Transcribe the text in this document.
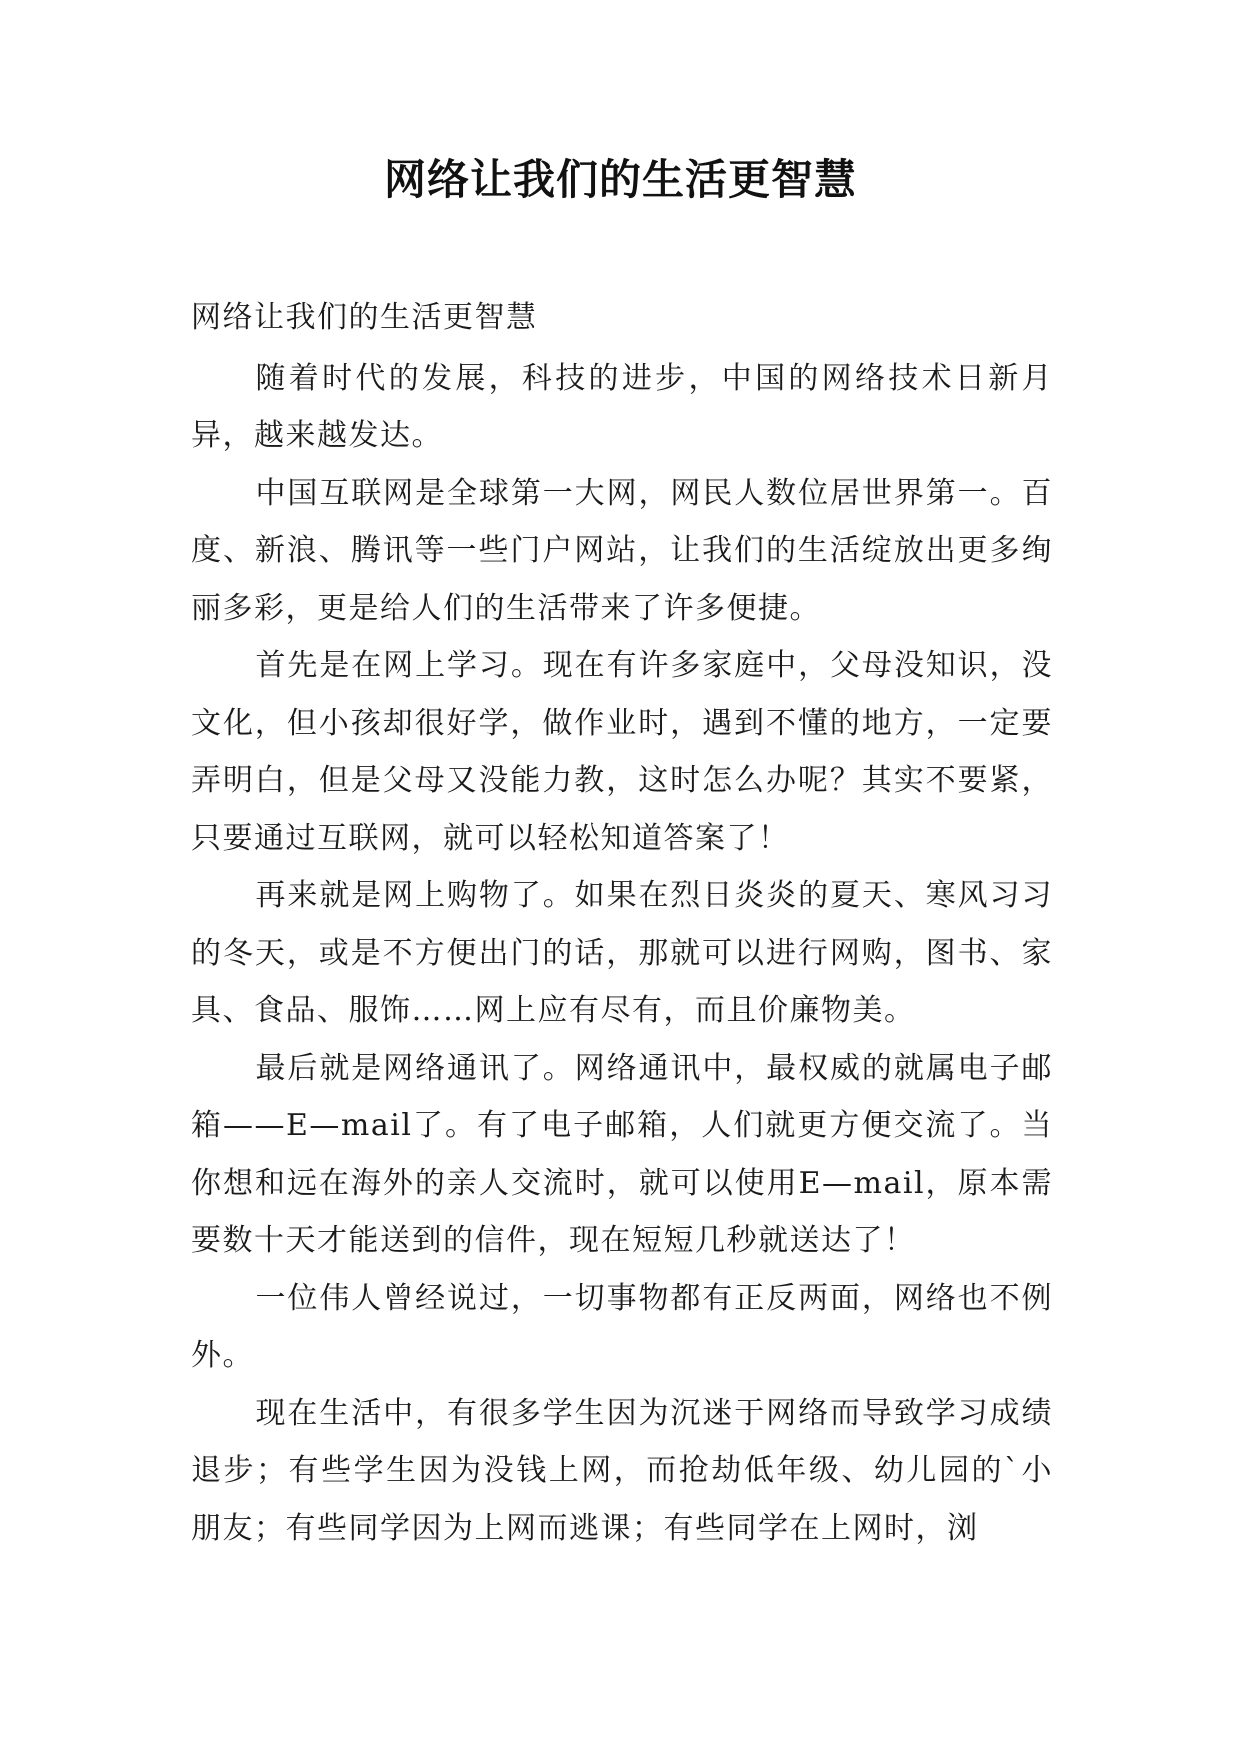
网络让我们的生活更智慧

网络让我们的生活更智慧

随着时代的发展，科技的进步，中国的网络技术日新月异，越来越发达。

中国互联网是全球第一大网，网民人数位居世界第一。百度、新浪、腾讯等一些门户网站，让我们的生活绽放出更多绚丽多彩，更是给人们的生活带来了许多便捷。

首先是在网上学习。现在有许多家庭中，父母没知识，没文化，但小孩却很好学，做作业时，遇到不懂的地方，一定要弄明白，但是父母又没能力教，这时怎么办呢？其实不要紧，只要通过互联网，就可以轻松知道答案了！

再来就是网上购物了。如果在烈日炎炎的夏天、寒风习习的冬天，或是不方便出门的话，那就可以进行网购，图书、家具、食品、服饰……网上应有尽有，而且价廉物美。

最后就是网络通讯了。网络通讯中，最权威的就属电子邮箱——E—mail了。有了电子邮箱，人们就更方便交流了。当你想和远在海外的亲人交流时，就可以使用E—mail，原本需要数十天才能送到的信件，现在短短几秒就送达了！

一位伟人曾经说过，一切事物都有正反两面，网络也不例外。

现在生活中，有很多学生因为沉迷于网络而导致学习成绩退步；有些学生因为没钱上网，而抢劫低年级、幼儿园的`小朋友；有些同学因为上网而逃课；有些同学在上网时，浏
